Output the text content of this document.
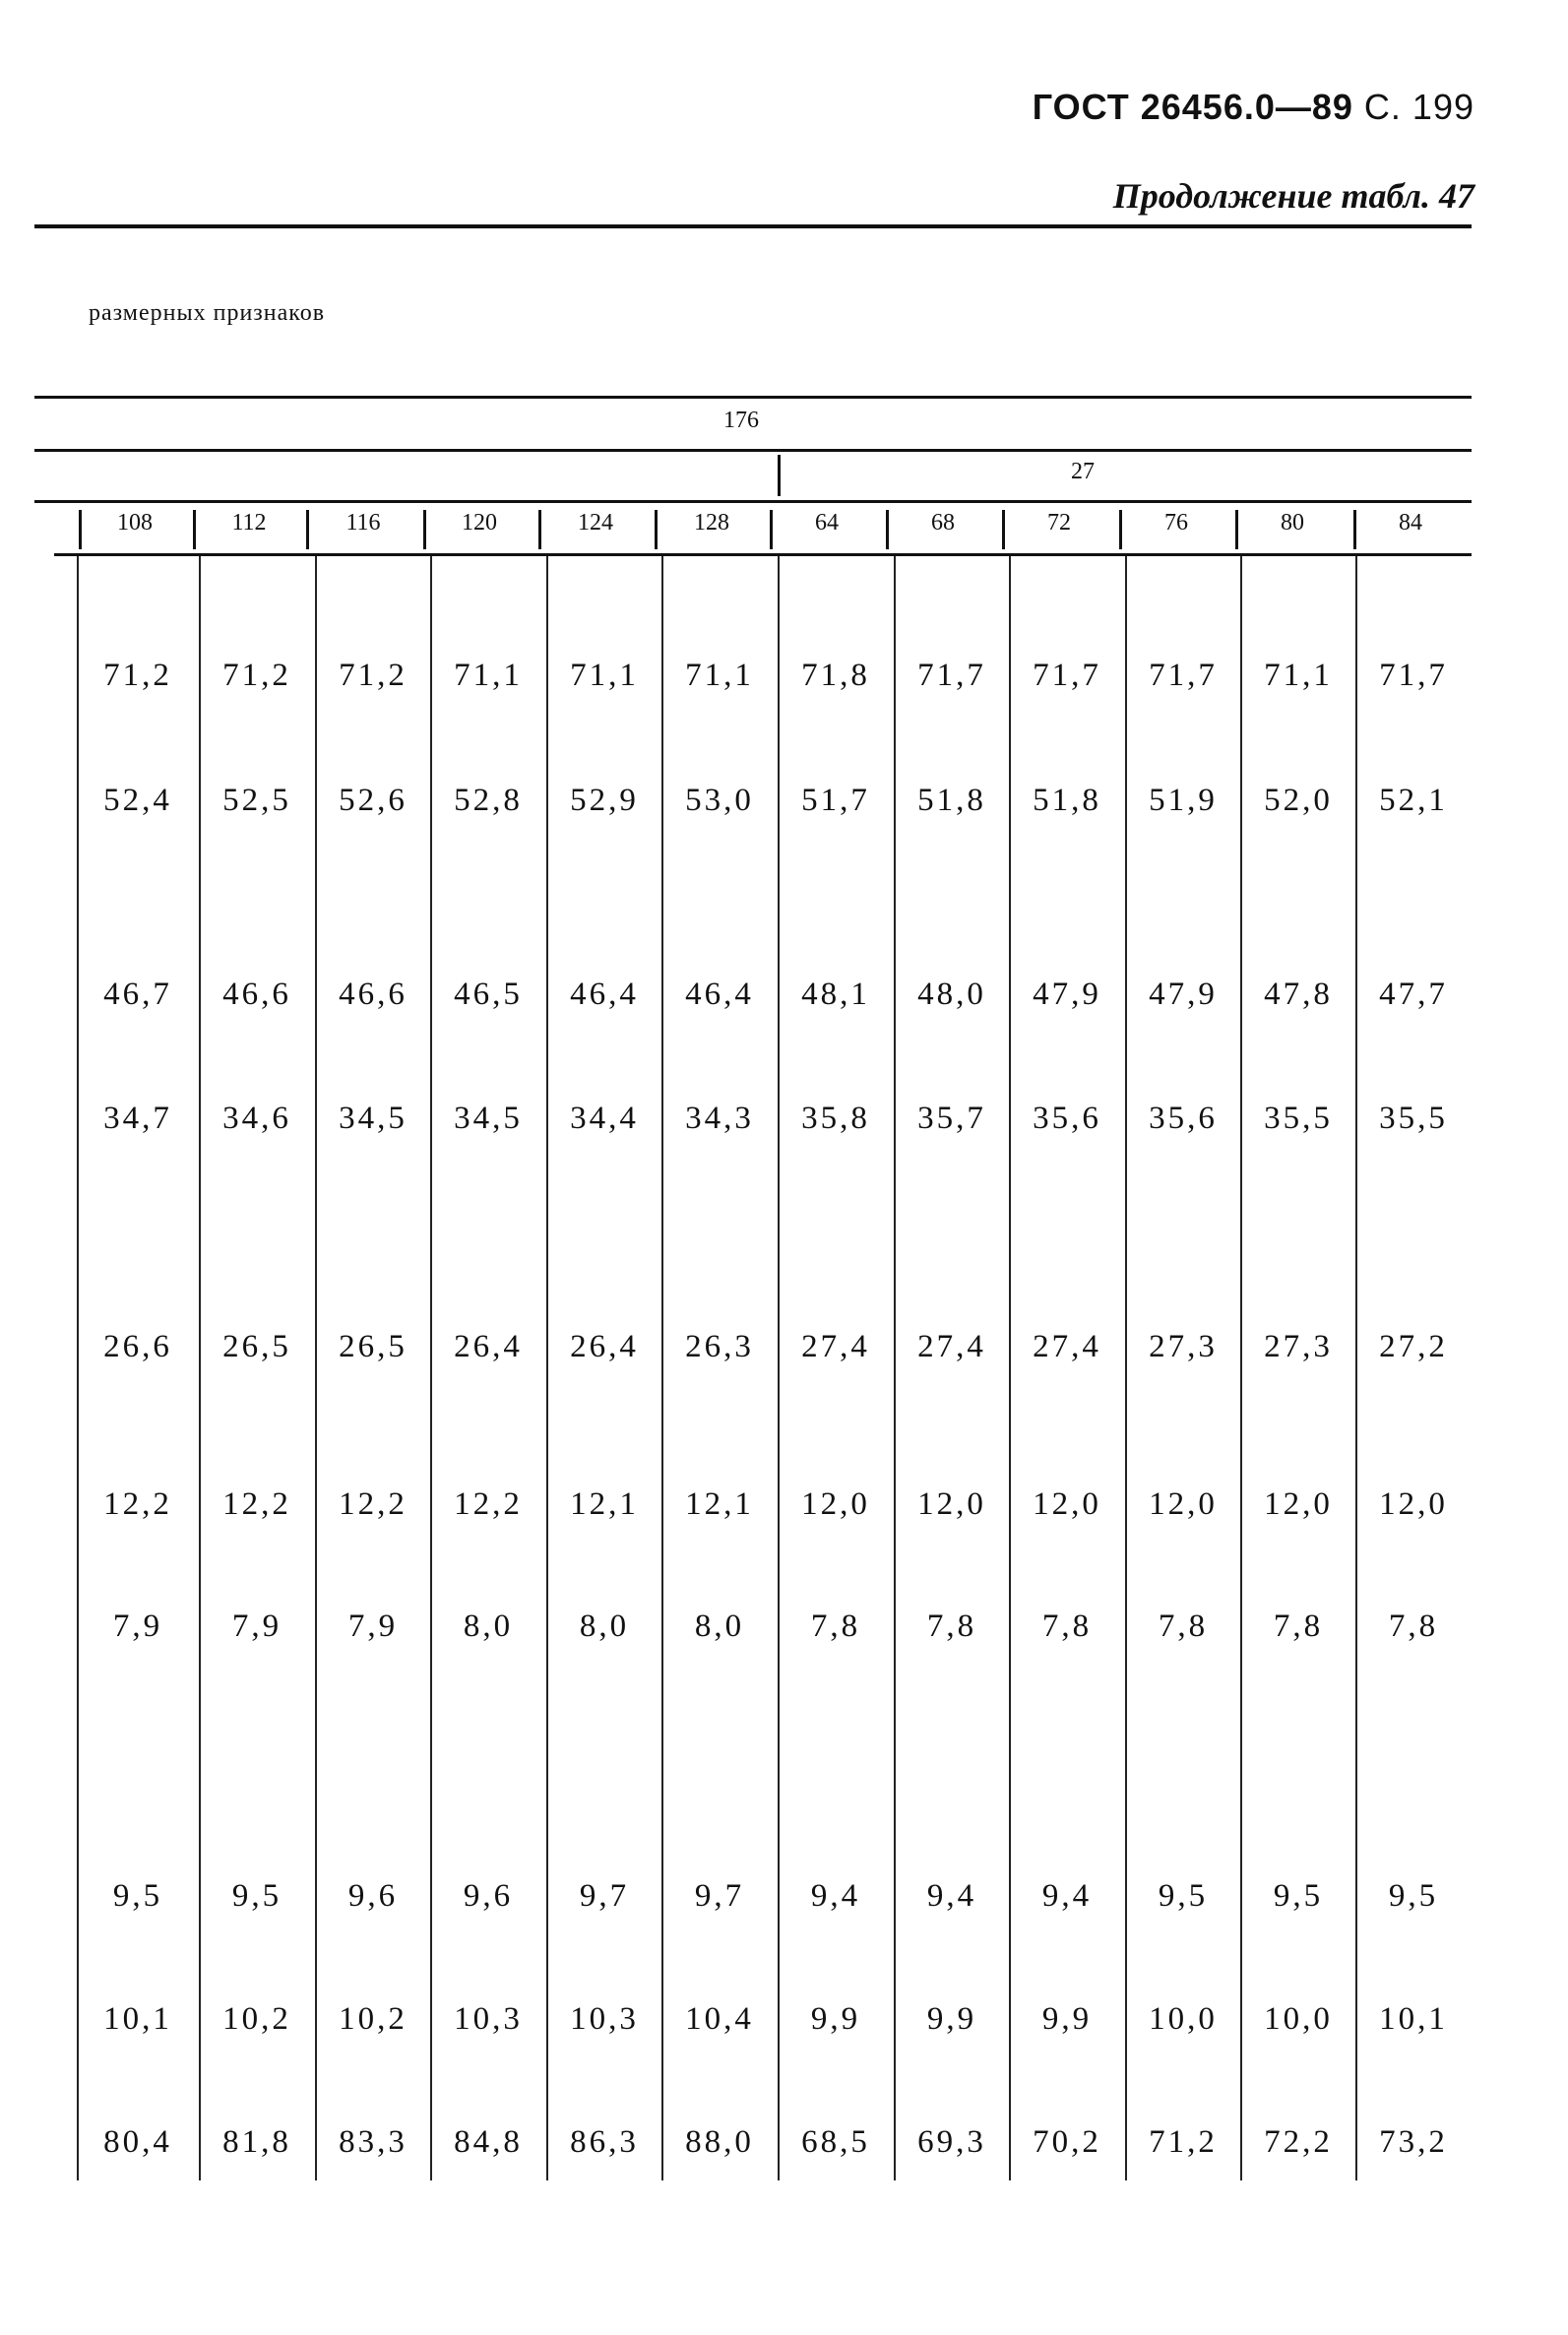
ГОСТ 26456.0—89 С. 199
Продолжение табл. 47
размерных признаков
176
27
108	112	116	120	124	128	64	68	72	76	80	84
71,2	71,2	71,2	71,1	71,1	71,1	71,8	71,7	71,7	71,7	71,1	71,7
52,4	52,5	52,6	52,8	52,9	53,0	51,7	51,8	51,8	51,9	52,0	52,1
46,7	46,6	46,6	46,5	46,4	46,4	48,1	48,0	47,9	47,9	47,8	47,7
34,7	34,6	34,5	34,5	34,4	34,3	35,8	35,7	35,6	35,6	35,5	35,5
26,6	26,5	26,5	26,4	26,4	26,3	27,4	27,4	27,4	27,3	27,3	27,2
12,2	12,2	12,2	12,2	12,1	12,1	12,0	12,0	12,0	12,0	12,0	12,0
7,9	7,9	7,9	8,0	8,0	8,0	7,8	7,8	7,8	7,8	7,8	7,8
9,5	9,5	9,6	9,6	9,7	9,7	9,4	9,4	9,4	9,5	9,5	9,5
10,1	10,2	10,2	10,3	10,3	10,4	9,9	9,9	9,9	10,0	10,0	10,1
80,4	81,8	83,3	84,8	86,3	88,0	68,5	69,3	70,2	71,2	72,2	73,2
